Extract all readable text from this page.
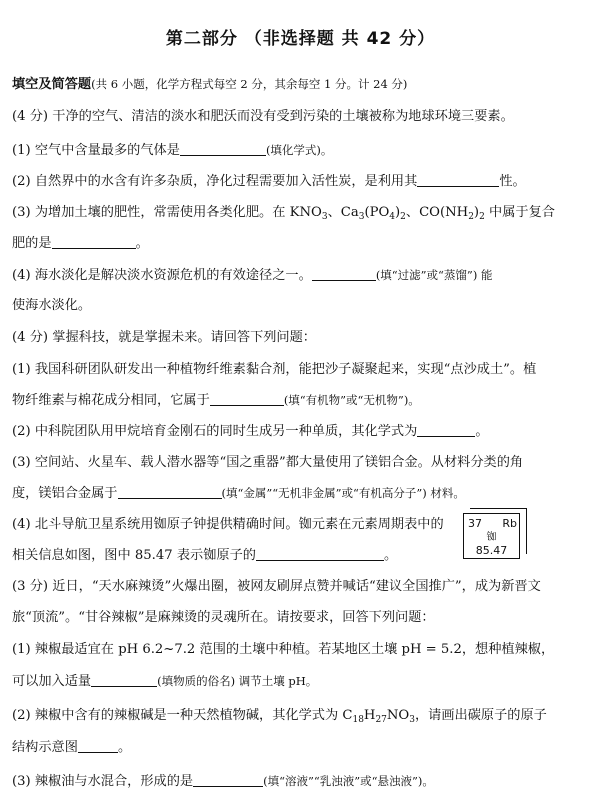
第二部分 （非选择题 共 42 分）
填空及简答题(共 6 小题，化学方程式每空 2 分，其余每空 1 分。计 24 分)
(4 分) 干净的空气、清洁的淡水和肥沃而没有受到污染的土壤被称为地球环境三要素。
(1) 空气中含量最多的气体是	(填化学式)。
(2) 自然界中的水含有许多杂质，净化过程需要加入活性炭，是利用其	性。
(3) 为增加土壤的肥性，常需使用各类化肥。在 $KNO_3$、$Ca_3(PO_4)_2$、$CO(NH_2)_2$ 中属于复合
肥的是	。
(4) 海水淡化是解决淡水资源危机的有效途径之一。	(填“过滤”或“蒸馏”) 能
使海水淡化。
(4 分) 掌握科技，就是掌握未来。请回答下列问题：
(1) 我国科研团队研发出一种植物纤维素黏合剂，能把沙子凝聚起来，实现“点沙成土”。植
物纤维素与棉花成分相同，它属于	(填“有机物”或“无机物”)。
(2) 中科院团队用甲烷培育金刚石的同时生成另一种单质，其化学式为	。
(3) 空间站、火星车、载人潜水器等“国之重器”都大量使用了镁铝合金。从材料分类的角
度，镁铝合金属于	(填“金属”“无机非金属”或“有机高分子”) 材料。
(4) 北斗导航卫星系统用铷原子钟提供精确时间。铷元素在元素周期表中的
相关信息如图，图中 85.47 表示铷原子的	。
37 Rb
铷
85.47
(3 分) 近日，“天水麻辣烫”火爆出圈，被网友刷屏点赞并喊话“建议全国推广”，成为新晋文
旅“顶流”。“甘谷辣椒”是麻辣烫的灵魂所在。请按要求，回答下列问题：
(1) 辣椒最适宜在 pH 6.2~7.2 范围的土壤中种植。若某地区土壤 pH = 5.2，想种植辣椒，
可以加入适量	(填物质的俗名) 调节土壤 pH。
(2) 辣椒中含有的辣椒碱是一种天然植物碱，其化学式为 $C_{18}H_{27}NO_3$，请画出碳原子的原子
结构示意图	。
(3) 辣椒油与水混合，形成的是	(填“溶液”“乳浊液”或“悬浊液”)。
